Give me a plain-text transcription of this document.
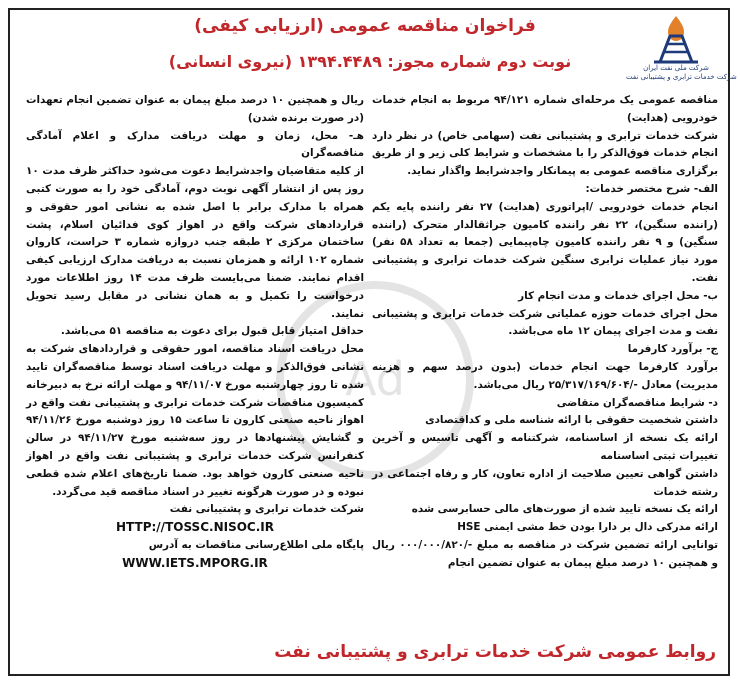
شرکت ملی نفت ایران
شرکت خدمات ترابری و پشتیبانی نفت
فراخوان مناقصه عمومی (ارزیابی کیفی)
(نیروی انسانی) نوبت دوم شماره مجوز: ۱۳۹۴.۴۴۸۹

مناقصه عمومی یک مرحله‌ای شماره ۹۴/۱۲۱ مربوط به انجام خدمات خودرویی (هدایت)

شرکت خدمات ترابری و پشتیبانی نفت (سهامی خاص) در نظر دارد انجام خدمات فوق‌الذکر را با مشخصات و شرایط کلی زیر و از طریق برگزاری مناقصه عمومی به پیمانکار واجدشرایط واگذار نماید.

الف- شرح مختصر خدمات:

انجام خدمات خودرویی /اپراتوری (هدایت) ۲۷ نفر راننده پایه یکم (راننده سنگین)، ۲۲ نفر راننده کامیون جراثقالدار متحرک (راننده سنگین) و ۹ نفر راننده کامیون چاه‌پیمایی (جمعا به تعداد ۵۸ نفر) مورد نیاز عملیات ترابری سنگین شرکت خدمات ترابری و پشتیبانی نفت.

ب- محل اجرای خدمات و مدت انجام کار

محل اجرای خدمات حوزه عملیاتی شرکت خدمات ترابری و پشتیبانی نفت و مدت اجرای پیمان ۱۲ ماه می‌باشد.

ج- برآورد کارفرما

برآورد کارفرما جهت انجام خدمات (بدون درصد سهم و هزینه مدیریت) معادل -/۲۵/۳۱۷/۱۶۹/۶۰۴ ریال می‌باشد.

د- شرایط مناقصه‌گران متقاضی

داشتن شخصیت حقوقی با ارائه شناسه ملی و کداقتصادی

ارائه یک نسخه از اساسنامه، شرکتنامه و آگهی تاسیس و آخرین تغییرات ثبتی اساسنامه

داشتن گواهی تعیین صلاحیت از اداره تعاون، کار و رفاه اجتماعی در رشته خدمات

ارائه یک نسخه تایید شده از صورت‌های مالی حسابرسی شده

ارائه مدرکی دال بر دارا بودن خط مشی ایمنی HSE

توانایی ارائه تضمین شرکت در مناقصه به مبلغ -/۰۰۰/۰۰۰/۸۲۰ ریال و همچنین ۱۰ درصد مبلغ پیمان به عنوان تضمین انجام

ریال و همچنین ۱۰ درصد مبلغ پیمان به عنوان تضمین انجام تعهدات (در صورت برنده شدن)

هـ- محل، زمان و مهلت دریافت مدارک و اعلام آمادگی مناقصه‌گران

از کلیه متقاضیان واجدشرایط دعوت می‌شود حداکثر ظرف مدت ۱۰ روز پس از انتشار آگهی نوبت دوم، آمادگی خود را به صورت کتبی همراه با مدارک برابر با اصل شده به نشانی امور حقوقی و قراردادهای شرکت واقع در اهواز کوی فدائیان اسلام، پشت ساختمان مرکزی ۲ طبقه جنب دروازه شماره ۳ حراست، کاروان شماره ۱۰۲ ارائه و همزمان نسبت به دریافت مدارک ارزیابی کیفی اقدام نمایند. ضمنا می‌بایست ظرف مدت ۱۴ روز اطلاعات مورد درخواست را تکمیل و به همان نشانی در مقابل رسید تحویل نمایند.

حداقل امتیاز قابل قبول برای دعوت به مناقصه ۵۱ می‌باشد.

محل دریافت اسناد مناقصه، امور حقوقی و قراردادهای شرکت به نشانی فوق‌الذکر و مهلت دریافت اسناد توسط مناقصه‌گران تایید شده تا روز چهارشنبه مورخ ۹۴/۱۱/۰۷ و مهلت ارائه نرخ به دبیرخانه کمیسیون مناقصات شرکت خدمات ترابری و پشتیبانی نفت واقع در اهواز ناحیه صنعتی کارون تا ساعت ۱۵ روز دوشنبه مورخ ۹۴/۱۱/۲۶ و گشایش پیشنهادها در روز سه‌شنبه مورخ ۹۴/۱۱/۲۷ در سالن کنفرانس شرکت خدمات ترابری و پشتیبانی نفت واقع در اهواز ناحیه صنعتی کارون خواهد بود. ضمنا تاریخ‌های اعلام شده قطعی نبوده و در صورت هرگونه تغییر در اسناد مناقصه قید می‌گردد.

شرکت خدمات ترابری و پشتیبانی نفت

HTTP://TOSSC.NISOC.IR

پایگاه ملی اطلاع‌رسانی مناقصات به آدرس

WWW.IETS.MPORG.IR

روابط عمومی شرکت خدمات ترابری و پشتیبانی نفت
